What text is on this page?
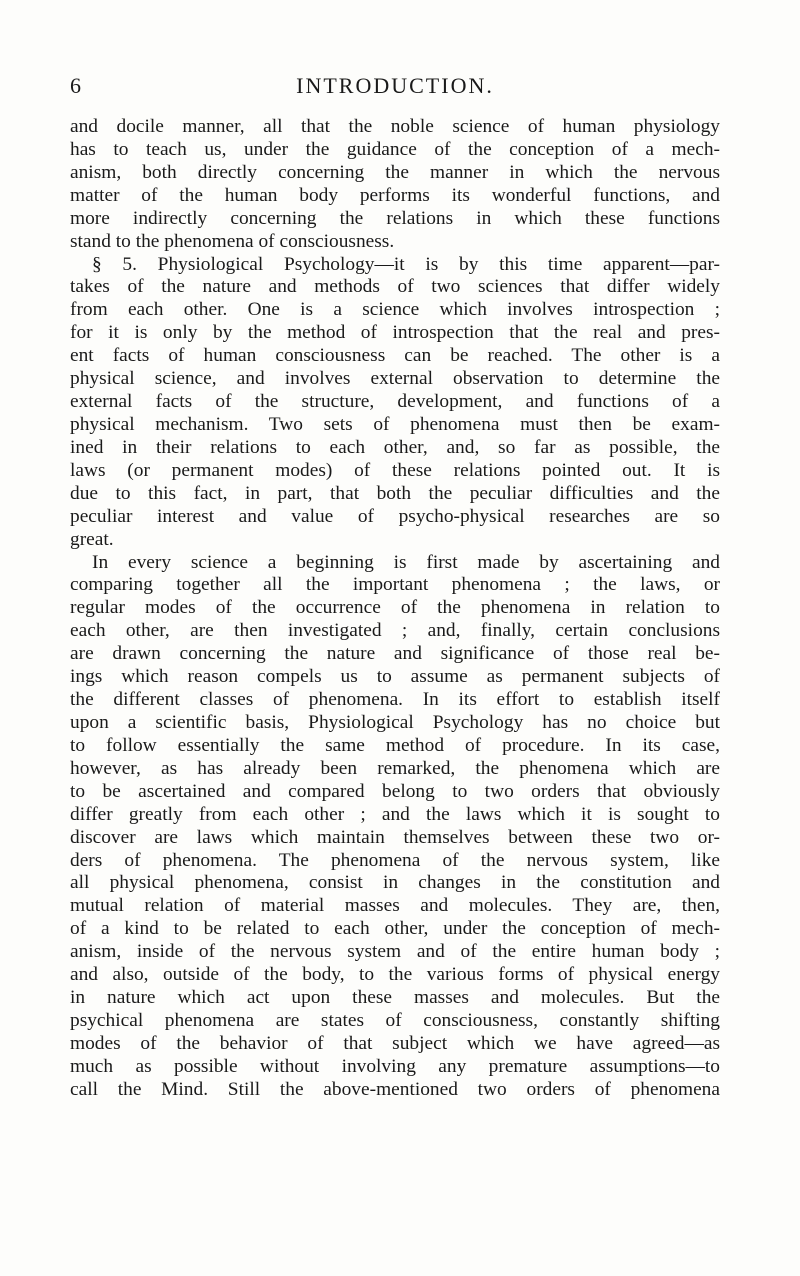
6	INTRODUCTION.
and docile manner, all that the noble science of human physiology
has to teach us, under the guidance of the conception of a mech-
anism, both directly concerning the manner in which the nervous
matter of the human body performs its wonderful functions, and
more indirectly concerning the relations in which these functions
stand to the phenomena of consciousness.
§ 5. Physiological Psychology—it is by this time apparent—par-
takes of the nature and methods of two sciences that differ widely
from each other. One is a science which involves introspection ;
for it is only by the method of introspection that the real and pres-
ent facts of human consciousness can be reached. The other is a
physical science, and involves external observation to determine the
external facts of the structure, development, and functions of a
physical mechanism. Two sets of phenomena must then be exam-
ined in their relations to each other, and, so far as possible, the
laws (or permanent modes) of these relations pointed out. It is
due to this fact, in part, that both the peculiar difficulties and the
peculiar interest and value of psycho-physical researches are so
great.
In every science a beginning is first made by ascertaining and
comparing together all the important phenomena ; the laws, or
regular modes of the occurrence of the phenomena in relation to
each other, are then investigated ; and, finally, certain conclusions
are drawn concerning the nature and significance of those real be-
ings which reason compels us to assume as permanent subjects of
the different classes of phenomena. In its effort to establish itself
upon a scientific basis, Physiological Psychology has no choice but
to follow essentially the same method of procedure. In its case,
however, as has already been remarked, the phenomena which are
to be ascertained and compared belong to two orders that obviously
differ greatly from each other ; and the laws which it is sought to
discover are laws which maintain themselves between these two or-
ders of phenomena. The phenomena of the nervous system, like
all physical phenomena, consist in changes in the constitution and
mutual relation of material masses and molecules. They are, then,
of a kind to be related to each other, under the conception of mech-
anism, inside of the nervous system and of the entire human body ;
and also, outside of the body, to the various forms of physical energy
in nature which act upon these masses and molecules. But the
psychical phenomena are states of consciousness, constantly shifting
modes of the behavior of that subject which we have agreed—as
much as possible without involving any premature assumptions—to
call the Mind. Still the above-mentioned two orders of phenomena
